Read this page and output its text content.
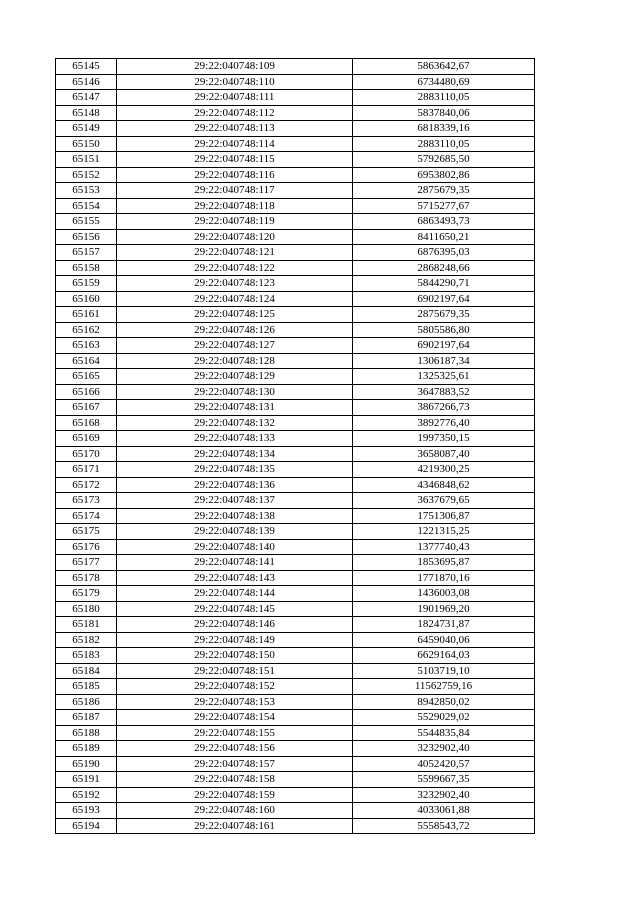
65145	29:22:040748:109	5863642,67
65146	29:22:040748:110	6734480,69
65147	29:22:040748:111	2883110,05
65148	29:22:040748:112	5837840,06
65149	29:22:040748:113	6818339,16
65150	29:22:040748:114	2883110,05
65151	29:22:040748:115	5792685,50
65152	29:22:040748:116	6953802,86
65153	29:22:040748:117	2875679,35
65154	29:22:040748:118	5715277,67
65155	29:22:040748:119	6863493,73
65156	29:22:040748:120	8411650,21
65157	29:22:040748:121	6876395,03
65158	29:22:040748:122	2868248,66
65159	29:22:040748:123	5844290,71
65160	29:22:040748:124	6902197,64
65161	29:22:040748:125	2875679,35
65162	29:22:040748:126	5805586,80
65163	29:22:040748:127	6902197,64
65164	29:22:040748:128	1306187,34
65165	29:22:040748:129	1325325,61
65166	29:22:040748:130	3647883,52
65167	29:22:040748:131	3867266,73
65168	29:22:040748:132	3892776,40
65169	29:22:040748:133	1997350,15
65170	29:22:040748:134	3658087,40
65171	29:22:040748:135	4219300,25
65172	29:22:040748:136	4346848,62
65173	29:22:040748:137	3637679,65
65174	29:22:040748:138	1751306,87
65175	29:22:040748:139	1221315,25
65176	29:22:040748:140	1377740,43
65177	29:22:040748:141	1853695,87
65178	29:22:040748:143	1771870,16
65179	29:22:040748:144	1436003,08
65180	29:22:040748:145	1901969,20
65181	29:22:040748:146	1824731,87
65182	29:22:040748:149	6459040,06
65183	29:22:040748:150	6629164,03
65184	29:22:040748:151	5103719,10
65185	29:22:040748:152	11562759,16
65186	29:22:040748:153	8942850,02
65187	29:22:040748:154	5529029,02
65188	29:22:040748:155	5544835,84
65189	29:22:040748:156	3232902,40
65190	29:22:040748:157	4052420,57
65191	29:22:040748:158	5599667,35
65192	29:22:040748:159	3232902,40
65193	29:22:040748:160	4033061,88
65194	29:22:040748:161	5558543,72
